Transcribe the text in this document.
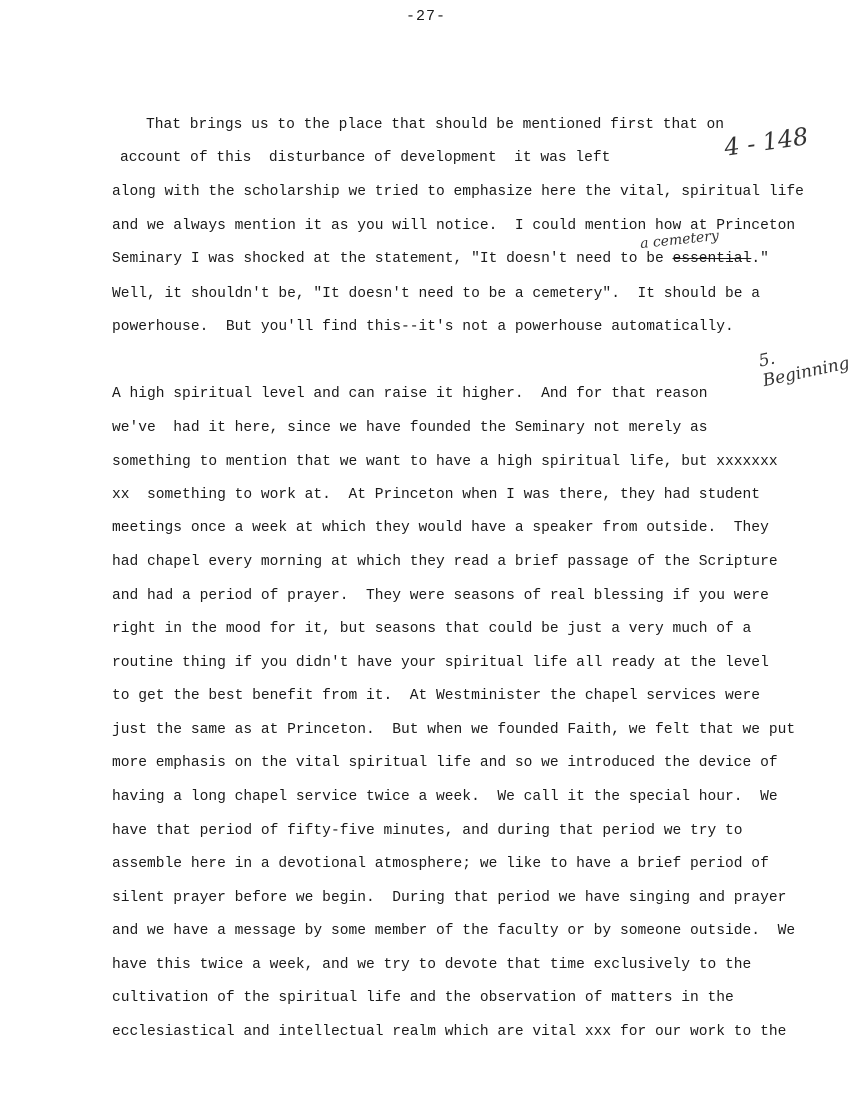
-27-
4 - 148
5. Beginning
That brings us to the place that should be mentioned first that on
account of this  disturbance of development  it was left
along with the scholarship we tried to emphasize here the vital, spiritual life
and we always mention it as you will notice.  I could mention how at Princeton
Seminary I was shocked at the statement, "It doesn't need to be essential."
a cemetery
Well, it shouldn't be, "It doesn't need to be a cemetery".  It should be a
powerhouse.  But you'll find this--it's not a powerhouse automatically.
A high spiritual level and can raise it higher.  And for that reason
we've  had it here, since we have founded the Seminary not merely as
something to mention that we want to have a high spiritual life, but xxxxxxx
xx  something to work at.  At Princeton when I was there, they had student
meetings once a week at which they would have a speaker from outside.  They
had chapel every morning at which they read a brief passage of the Scripture
and had a period of prayer.  They were seasons of real blessing if you were
right in the mood for it, but seasons that could be just a very much of a
routine thing if you didn't have your spiritual life all ready at the level
to get the best benefit from it.  At Westminister the chapel services were
just the same as at Princeton.  But when we founded Faith, we felt that we put
more emphasis on the vital spiritual life and so we introduced the device of
having a long chapel service twice a week.  We call it the special hour.  We
have that period of fifty-five minutes, and during that period we try to
assemble here in a devotional atmosphere; we like to have a brief period of
silent prayer before we begin.  During that period we have singing and prayer
and we have a message by some member of the faculty or by someone outside.  We
have this twice a week, and we try to devote that time exclusively to the
cultivation of the spiritual life and the observation of matters in the
ecclesiastical and intellectual realm which are vital xxx for our work to the
